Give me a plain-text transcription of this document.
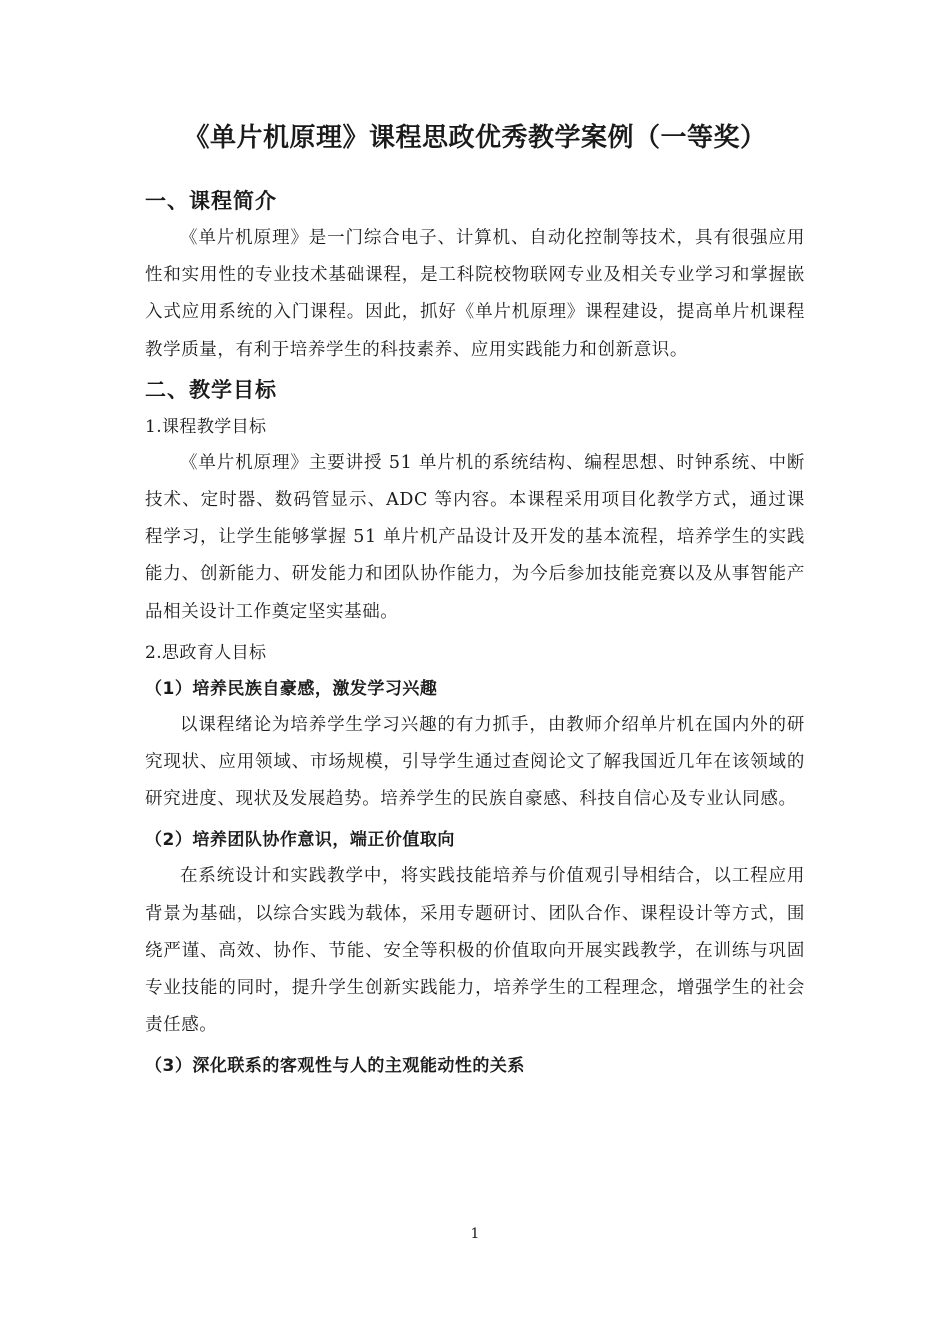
《单片机原理》课程思政优秀教学案例（一等奖）
一、课程简介

《单片机原理》是一门综合电子、计算机、自动化控制等技术，具有很强应用性和实用性的专业技术基础课程，是工科院校物联网专业及相关专业学习和掌握嵌入式应用系统的入门课程。因此，抓好《单片机原理》课程建设，提高单片机课程教学质量，有利于培养学生的科技素养、应用实践能力和创新意识。

二、教学目标
1.课程教学目标

《单片机原理》主要讲授 51 单片机的系统结构、编程思想、时钟系统、中断技术、定时器、数码管显示、ADC 等内容。本课程采用项目化教学方式，通过课程学习，让学生能够掌握 51 单片机产品设计及开发的基本流程，培养学生的实践能力、创新能力、研发能力和团队协作能力，为今后参加技能竞赛以及从事智能产品相关设计工作奠定坚实基础。

2.思政育人目标
（1）培养民族自豪感，激发学习兴趣

以课程绪论为培养学生学习兴趣的有力抓手，由教师介绍单片机在国内外的研究现状、应用领域、市场规模，引导学生通过查阅论文了解我国近几年在该领域的研究进度、现状及发展趋势。培养学生的民族自豪感、科技自信心及专业认同感。

（2）培养团队协作意识，端正价值取向

在系统设计和实践教学中，将实践技能培养与价值观引导相结合，以工程应用背景为基础，以综合实践为载体，采用专题研讨、团队合作、课程设计等方式，围绕严谨、高效、协作、节能、安全等积极的价值取向开展实践教学，在训练与巩固专业技能的同时，提升学生创新实践能力，培养学生的工程理念，增强学生的社会责任感。

（3）深化联系的客观性与人的主观能动性的关系
1
